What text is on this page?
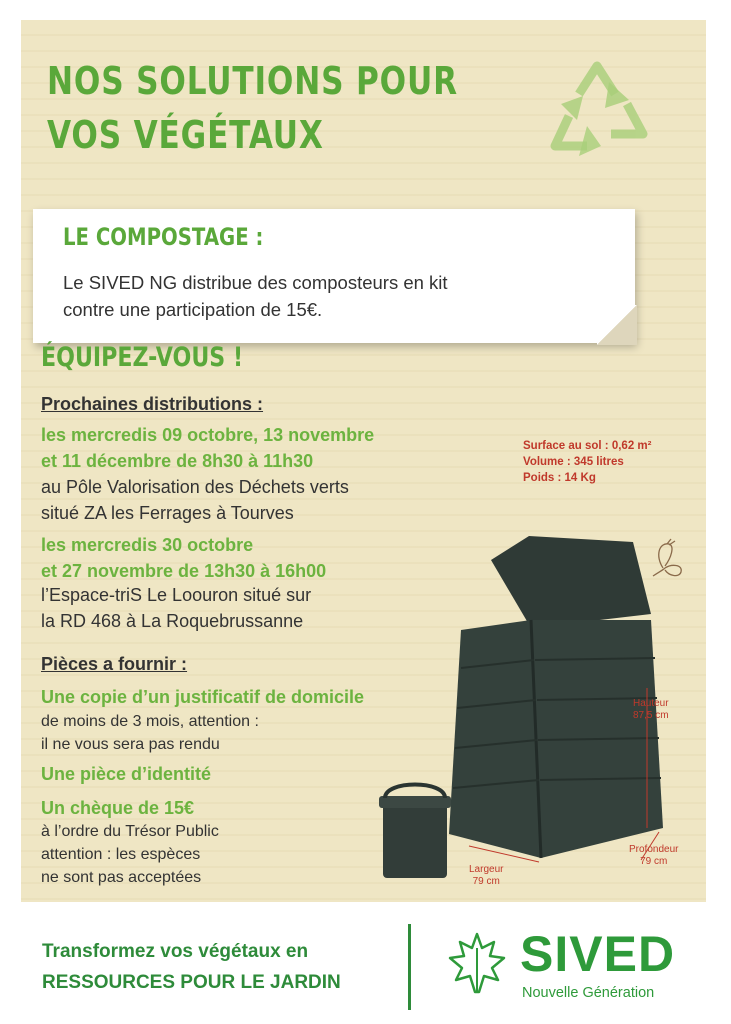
NOS SOLUTIONS POUR
VOS VÉGÉTAUX
LE COMPOSTAGE :

Le SIVED NG distribue des composteurs en kit
contre une participation de 15€.

ÉQUIPEZ-VOUS !

Prochaines distributions :

les mercredis 09 octobre, 13 novembre
et 11 décembre de 8h30 à 11h30

au Pôle Valorisation des Déchets verts
situé ZA les Ferrages à Tourves

les mercredis 30 octobre
et 27 novembre de 13h30 à 16h00

l’Espace-triS Le Loouron situé sur
la RD 468 à La Roquebrussanne

Pièces a fournir :

Une copie d’un justificatif de domicile

de moins de 3 mois, attention :
il ne vous sera pas rendu

Une pièce d’identité

Un chèque de 15€

à l’ordre du Trésor Public
attention : les espèces
ne sont pas acceptées

Surface au sol : 0,62 m²
Volume : 345 litres
Poids : 14 Kg
Hauteur
87,5 cm
Profondeur
79 cm
Largeur
79 cm
Transformez vos végétaux en
RESSOURCES POUR LE JARDIN
SIVED
Nouvelle Génération
